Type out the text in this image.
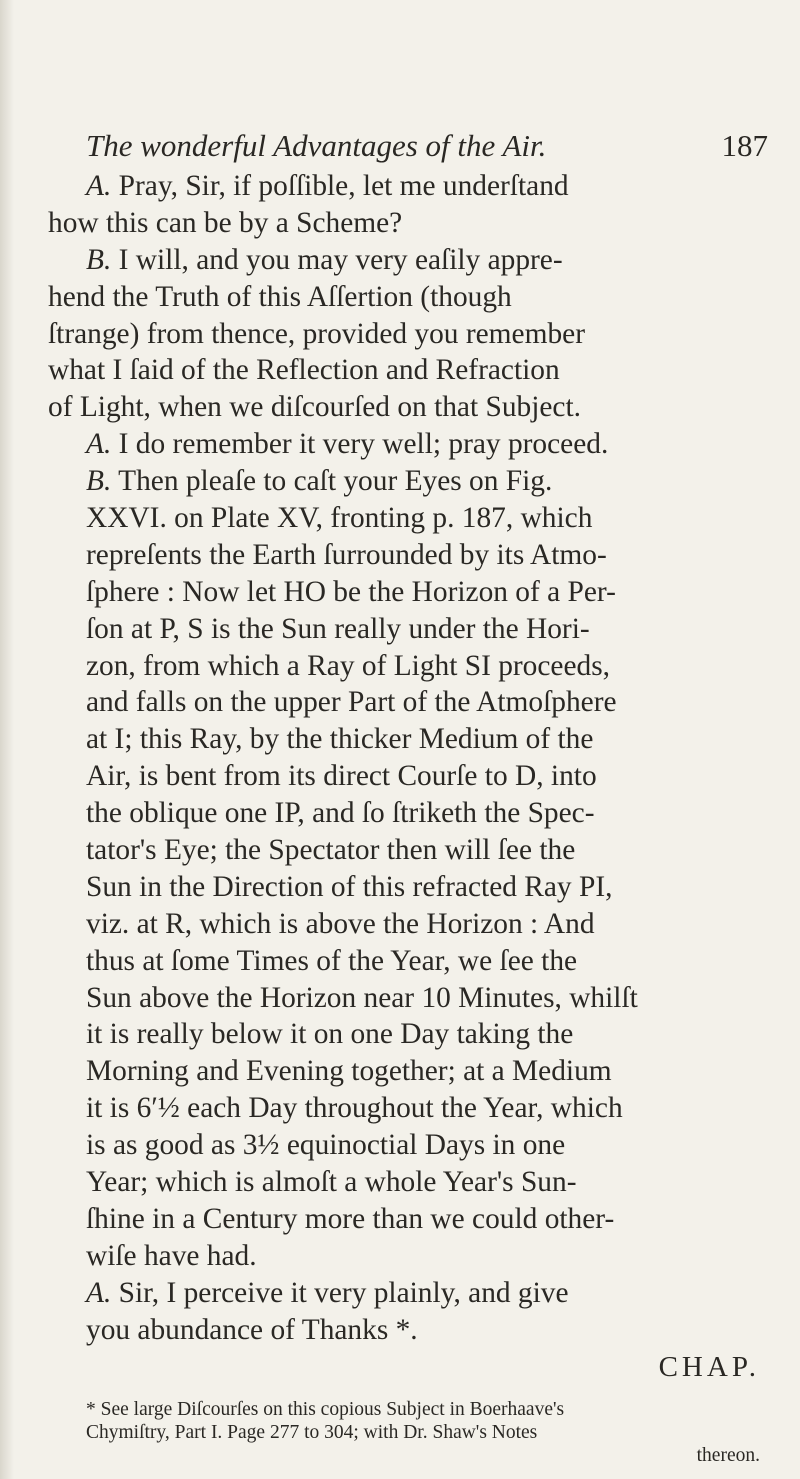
The wonderful Advantages of the Air.	187
A. Pray, Sir, if poſſible, let me underſtand
how this can be by a Scheme?
B. I will, and you may very eaſily appre-
hend the Truth of this Aſſertion (though
ſtrange) from thence, provided you remember
what I ſaid of the Reflection and Refraction
of Light, when we diſcourſed on that Subject.
A. I do remember it very well; pray proceed.
B. Then pleaſe to caſt your Eyes on Fig.
XXVI. on Plate XV, fronting p. 187, which
repreſents the Earth ſurrounded by its Atmo-
ſphere : Now let HO be the Horizon of a Per-
ſon at P, S is the Sun really under the Hori-
zon, from which a Ray of Light SI proceeds,
and falls on the upper Part of the Atmoſphere
at I; this Ray, by the thicker Medium of the
Air, is bent from its direct Courſe to D, into
the oblique one IP, and ſo ſtriketh the Spec-
tator's Eye; the Spectator then will ſee the
Sun in the Direction of this refracted Ray PI,
viz. at R, which is above the Horizon : And
thus at ſome Times of the Year, we ſee the
Sun above the Horizon near 10 Minutes, whilſt
it is really below it on one Day taking the
Morning and Evening together; at a Medium
it is 6′½ each Day throughout the Year, which
is as good as 3½ equinoctial Days in one
Year; which is almoſt a whole Year's Sun-
ſhine in a Century more than we could other-
wiſe have had.
A. Sir, I perceive it very plainly, and give
you abundance of Thanks *.
CHAP.
* See large Diſcourſes on this copious Subject in Boerhaave's
Chymiſtry, Part I. Page 277 to 304; with Dr. Shaw's Notes
thereon.
